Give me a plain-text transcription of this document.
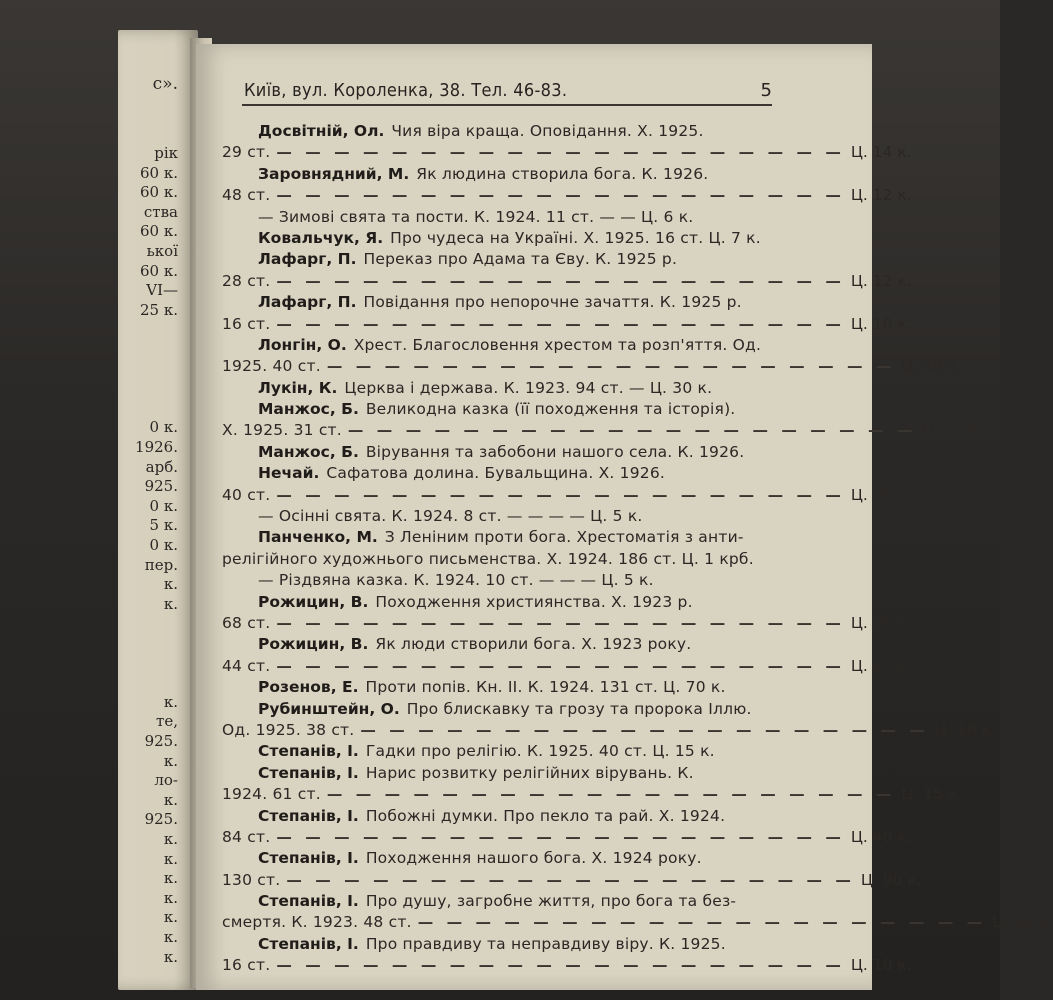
с».
рік
60 к.
60 к.
ства
60 к.
ької
60 к.
VI—
25 к.
0 к.
1926.
арб.
925.
0 к.
5 к.
0 к.
пер.
к.
к.
к.
те,
925.
к.
ло-
к.
925.
к.
к.
к.
к.
к.
к.
к.
Київ, вул. Короленка, 38. Тел. 46-83.	5
Досвітній, Ол. Чия віра краща. Оповідання. Х. 1925.
29 ст. — — — — — — — — — — — — — — — — — — — — Ц. 14 к.
Заровнядний, М. Як людина створила бога. К. 1926.
48 ст. — — — — — — — — — — — — — — — — — — — — Ц. 12 к.
— Зимові свята та пости. К. 1924. 11 ст. — — Ц. 6 к.
Ковальчук, Я. Про чудеса на Україні. Х. 1925. 16 ст. Ц. 7 к.
Лафарг, П. Переказ про Адама та Єву. К. 1925 р.
28 ст. — — — — — — — — — — — — — — — — — — — — Ц. 12 к.
Лафарг, П. Повідання про непорочне зачаття. К. 1925 р.
16 ст. — — — — — — — — — — — — — — — — — — — — Ц. 10 к.
Лонгін, О. Хрест. Благословення хрестом та розп'яття. Од.
1925. 40 ст. — — — — — — — — — — — — — — — — — — — — Ц. 10 к.
Лукін, К. Церква і держава. К. 1923. 94 ст. — Ц. 30 к.
Манжос, Б. Великодна казка (її походження та історія).
Х. 1925. 31 ст. — — — — — — — — — — — — — — — — — — — — Ц. 12 к.
Манжос, Б. Вірування та забобони нашого села. К. 1926.
Нечай. Сафатова долина. Бувальщина. Х. 1926.
40 ст. — — — — — — — — — — — — — — — — — — — — Ц. 20 к.
— Осінні свята. К. 1924. 8 ст. — — — — Ц. 5 к.
Панченко, М. З Леніним проти бога. Хрестоматія з анти-
релігійного художнього письменства. Х. 1924. 186 ст. Ц. 1 крб.
— Різдвяна казка. К. 1924. 10 ст. — — — Ц. 5 к.
Рожицин, В. Походження християнства. Х. 1923 р.
68 ст. — — — — — — — — — — — — — — — — — — — — Ц. 25 к.
Рожицин, В. Як люди створили бога. Х. 1923 року.
44 ст. — — — — — — — — — — — — — — — — — — — — Ц. 20 к.
Розенов, Е. Проти попів. Кн. II. К. 1924. 131 ст. Ц. 70 к.
Рубинштейн, О. Про блискавку та грозу та пророка Іллю.
Од. 1925. 38 ст. — — — — — — — — — — — — — — — — — — — — Ц. 16 к.
Степанів, І. Гадки про релігію. К. 1925. 40 ст. Ц. 15 к.
Степанів, І. Нарис розвитку релігійних вірувань. К.
1924. 61 ст. — — — — — — — — — — — — — — — — — — — — Ц. 15 к.
Степанів, І. Побожні думки. Про пекло та рай. Х. 1924.
84 ст. — — — — — — — — — — — — — — — — — — — — Ц. 40 к.
Степанів, І. Походження нашого бога. Х. 1924 року.
130 ст. — — — — — — — — — — — — — — — — — — — — Ц. 90 к.
Степанів, І. Про душу, загробне життя, про бога та без-
смертя. К. 1923. 48 ст. — — — — — — — — — — — — — — — — — — — — Ц. 20 к.
Степанів, І. Про правдиву та неправдиву віру. К. 1925.
16 ст. — — — — — — — — — — — — — — — — — — — — Ц. 10 к.
